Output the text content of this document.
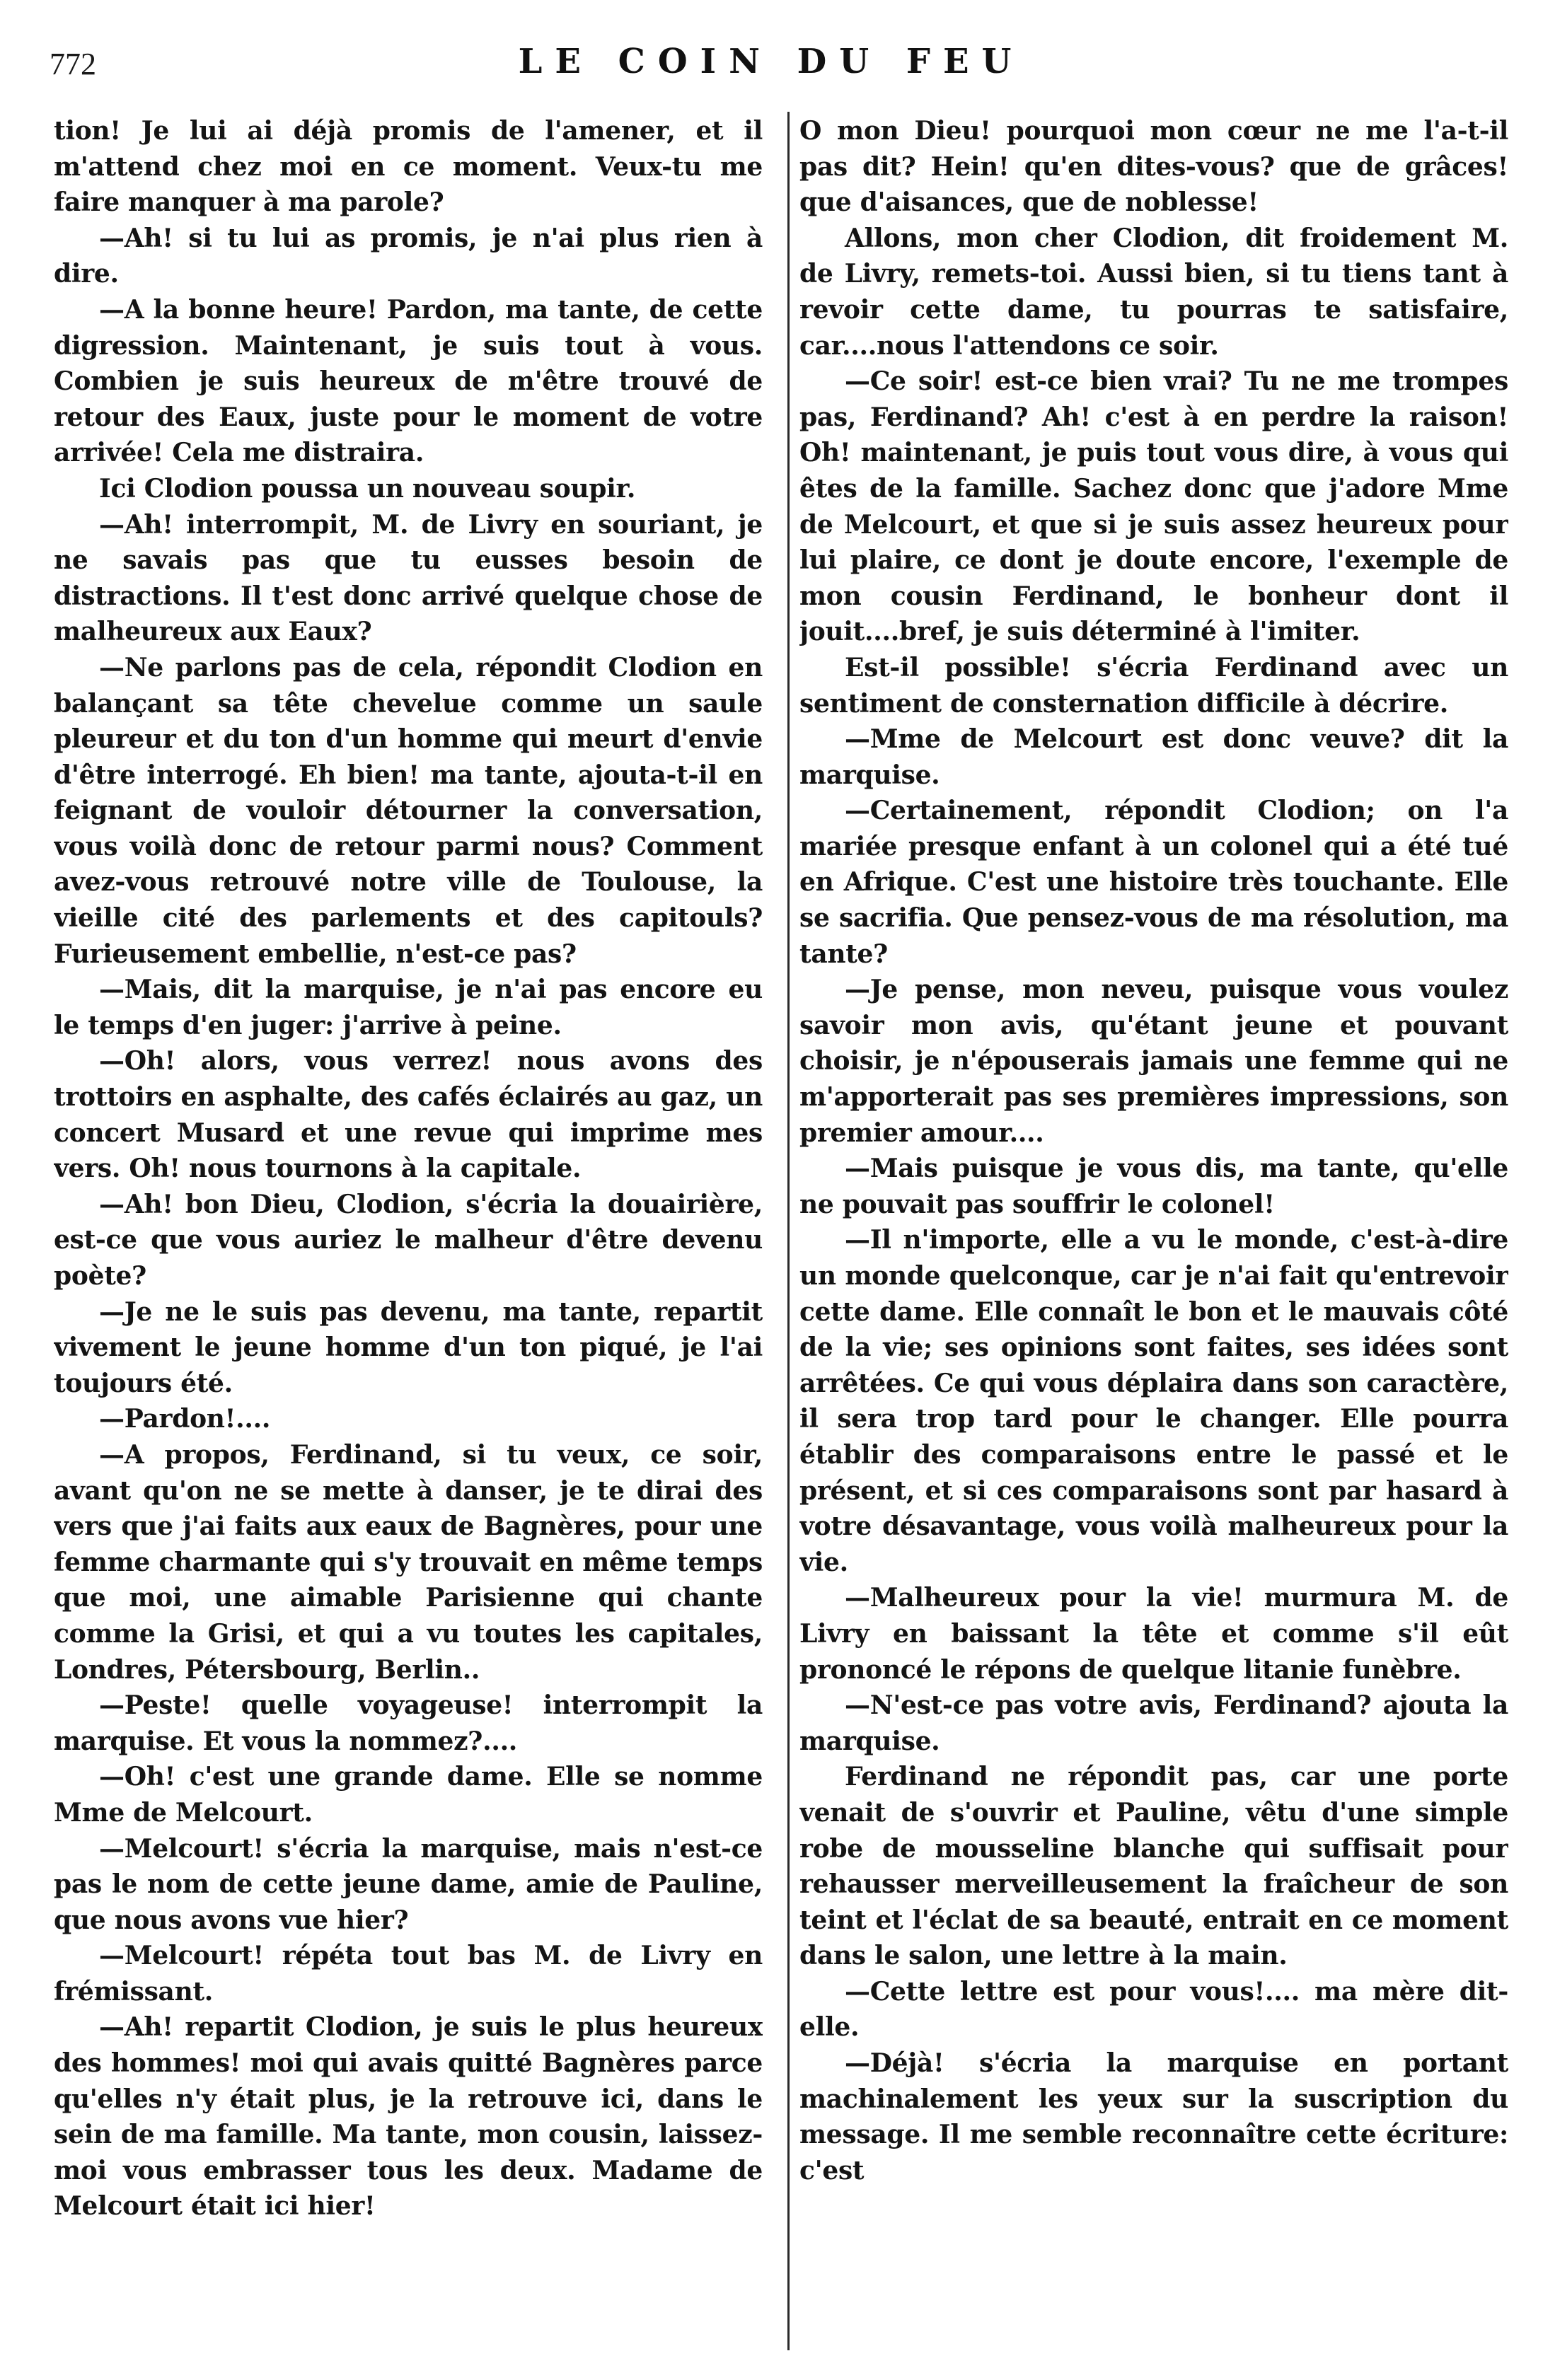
772	LE COIN DU FEU

tion! Je lui ai déjà promis de l'amener, et il m'attend chez moi en ce moment. Veux-tu me faire manquer à ma parole?

—Ah! si tu lui as promis, je n'ai plus rien à dire.

—A la bonne heure! Pardon, ma tante, de cette digression. Maintenant, je suis tout à vous. Combien je suis heureux de m'être trouvé de retour des Eaux, juste pour le moment de votre arrivée! Cela me distraira.

Ici Clodion poussa un nouveau soupir.

—Ah! interrompit, M. de Livry en souriant, je ne savais pas que tu eusses besoin de distractions. Il t'est donc arrivé quelque chose de malheureux aux Eaux?

—Ne parlons pas de cela, répondit Clodion en balançant sa tête chevelue comme un saule pleureur et du ton d'un homme qui meurt d'envie d'être interrogé. Eh bien! ma tante, ajouta-t-il en feignant de vouloir détourner la conversation, vous voilà donc de retour parmi nous? Comment avez-vous retrouvé notre ville de Toulouse, la vieille cité des parlements et des capitouls? Furieusement embellie, n'est-ce pas?

—Mais, dit la marquise, je n'ai pas encore eu le temps d'en juger: j'arrive à peine.

—Oh! alors, vous verrez! nous avons des trottoirs en asphalte, des cafés éclairés au gaz, un concert Musard et une revue qui imprime mes vers. Oh! nous tournons à la capitale.

—Ah! bon Dieu, Clodion, s'écria la douairière, est-ce que vous auriez le malheur d'être devenu poète?

—Je ne le suis pas devenu, ma tante, repartit vivement le jeune homme d'un ton piqué, je l'ai toujours été.

—Pardon!....

—A propos, Ferdinand, si tu veux, ce soir, avant qu'on ne se mette à danser, je te dirai des vers que j'ai faits aux eaux de Bagnères, pour une femme charmante qui s'y trouvait en même temps que moi, une aimable Parisienne qui chante comme la Grisi, et qui a vu toutes les capitales, Londres, Pétersbourg, Berlin..

—Peste! quelle voyageuse! interrompit la marquise. Et vous la nommez?....

—Oh! c'est une grande dame. Elle se nomme Mme de Melcourt.

—Melcourt! s'écria la marquise, mais n'est-ce pas le nom de cette jeune dame, amie de Pauline, que nous avons vue hier?

—Melcourt! répéta tout bas M. de Livry en frémissant.

—Ah! repartit Clodion, je suis le plus heureux des hommes! moi qui avais quitté Bagnères parce qu'elles n'y était plus, je la retrouve ici, dans le sein de ma famille. Ma tante, mon cousin, laissez-moi vous embrasser tous les deux. Madame de Melcourt était ici hier!

O mon Dieu! pourquoi mon cœur ne me l'a-t-il pas dit? Hein! qu'en dites-vous? que de grâces! que d'aisances, que de noblesse!

Allons, mon cher Clodion, dit froidement M. de Livry, remets-toi. Aussi bien, si tu tiens tant à revoir cette dame, tu pourras te satisfaire, car....nous l'attendons ce soir.

—Ce soir! est-ce bien vrai? Tu ne me trompes pas, Ferdinand? Ah! c'est à en perdre la raison! Oh! maintenant, je puis tout vous dire, à vous qui êtes de la famille. Sachez donc que j'adore Mme de Melcourt, et que si je suis assez heureux pour lui plaire, ce dont je doute encore, l'exemple de mon cousin Ferdinand, le bonheur dont il jouit....bref, je suis déterminé à l'imiter.

Est-il possible! s'écria Ferdinand avec un sentiment de consternation difficile à décrire.

—Mme de Melcourt est donc veuve? dit la marquise.

—Certainement, répondit Clodion; on l'a mariée presque enfant à un colonel qui a été tué en Afrique. C'est une histoire très touchante. Elle se sacrifia. Que pensez-vous de ma résolution, ma tante?

—Je pense, mon neveu, puisque vous voulez savoir mon avis, qu'étant jeune et pouvant choisir, je n'épouserais jamais une femme qui ne m'apporterait pas ses premières impressions, son premier amour....

—Mais puisque je vous dis, ma tante, qu'elle ne pouvait pas souffrir le colonel!

—Il n'importe, elle a vu le monde, c'est-à-dire un monde quelconque, car je n'ai fait qu'entrevoir cette dame. Elle connaît le bon et le mauvais côté de la vie; ses opinions sont faites, ses idées sont arrêtées. Ce qui vous déplaira dans son caractère, il sera trop tard pour le changer. Elle pourra établir des comparaisons entre le passé et le présent, et si ces comparaisons sont par hasard à votre désavantage, vous voilà malheureux pour la vie.

—Malheureux pour la vie! murmura M. de Livry en baissant la tête et comme s'il eût prononcé le répons de quelque litanie funèbre.

—N'est-ce pas votre avis, Ferdinand? ajouta la marquise.

Ferdinand ne répondit pas, car une porte venait de s'ouvrir et Pauline, vêtu d'une simple robe de mousseline blanche qui suffisait pour rehausser merveilleusement la fraîcheur de son teint et l'éclat de sa beauté, entrait en ce moment dans le salon, une lettre à la main.

—Cette lettre est pour vous!.... ma mère dit-elle.

—Déjà! s'écria la marquise en portant machinalement les yeux sur la suscription du message. Il me semble reconnaître cette écriture: c'est
